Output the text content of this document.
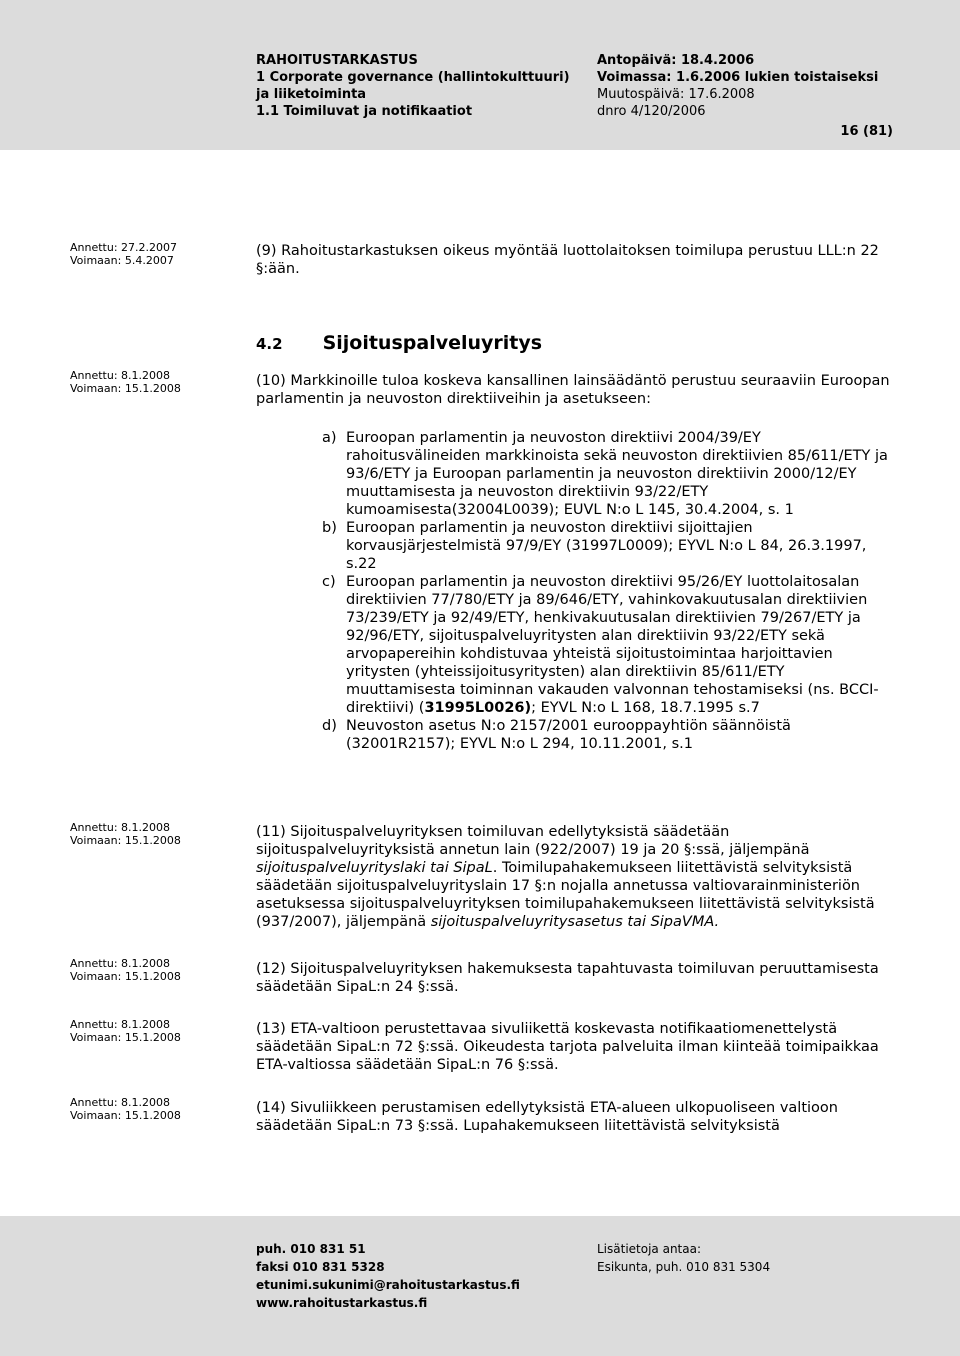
RAHOITUSTARKASTUS
1 Corporate governance (hallintokulttuuri) ja liiketoiminta
1.1 Toimiluvat ja notifikaatiot
Antopäivä: 18.4.2006
Voimassa: 1.6.2006 lukien toistaiseksi
Muutospäivä: 17.6.2008
dnro 4/120/2006
16 (81)
Annettu: 27.2.2007
Voimaan: 5.4.2007
Annettu: 8.1.2008
Voimaan: 15.1.2008
Annettu: 8.1.2008
Voimaan: 15.1.2008
Annettu: 8.1.2008
Voimaan: 15.1.2008
Annettu: 8.1.2008
Voimaan: 15.1.2008
Annettu: 8.1.2008
Voimaan: 15.1.2008
(9) Rahoitustarkastuksen oikeus myöntää luottolaitoksen toimilupa perustuu LLL:n 22 §:ään.
4.2 Sijoituspalveluyritys
(10) Markkinoille tuloa koskeva kansallinen lainsäädäntö perustuu seuraaviin Euroopan parlamentin ja neuvoston direktiiveihin ja asetukseen:
a) Euroopan parlamentin ja neuvoston direktiivi 2004/39/EY rahoitusvälineiden markkinoista sekä neuvoston direktiivien 85/611/ETY ja 93/6/ETY ja Euroopan parlamentin ja neuvoston direktiivin 2000/12/EY muuttamisesta ja neuvoston direktiivin 93/22/ETY kumoamisesta(32004L0039); EUVL N:o L 145, 30.4.2004, s. 1
b) Euroopan parlamentin ja neuvoston direktiivi sijoittajien korvausjärjestelmistä 97/9/EY (31997L0009); EYVL N:o L 84, 26.3.1997, s.22
c) Euroopan parlamentin ja neuvoston direktiivi 95/26/EY luottolaitosalan direktiivien 77/780/ETY ja 89/646/ETY, vahinkovakuutusalan direktiivien 73/239/ETY ja 92/49/ETY, henkivakuutusalan direktiivien 79/267/ETY ja 92/96/ETY, sijoituspalveluyritysten alan direktiivin 93/22/ETY sekä arvopapereihin kohdistuvaa yhteistä sijoitustoimintaa harjoittavien yritysten (yhteissijoitusyritysten) alan direktiivin 85/611/ETY muuttamisesta toiminnan vakauden valvonnan tehostamiseksi (ns. BCCI-direktiivi) (31995L0026); EYVL N:o L 168, 18.7.1995 s.7
d) Neuvoston asetus N:o 2157/2001 eurooppayhtiön säännöistä (32001R2157); EYVL N:o L 294, 10.11.2001, s.1
(11) Sijoituspalveluyrityksen toimiluvan edellytyksistä säädetään sijoituspalveluyrityksistä annetun lain (922/2007) 19 ja 20 §:ssä, jäljempänä sijoituspalveluyrityslaki tai SipaL. Toimilupahakemukseen liitettävistä selvityksistä säädetään sijoituspalveluyrityslain 17 §:n nojalla annetussa valtiovarainministeriön asetuksessa sijoituspalveluyrityksen toimilupahakemukseen liitettävistä selvityksistä (937/2007), jäljempänä sijoituspalveluyritysasetus tai SipaVMA.
(12) Sijoituspalveluyrityksen hakemuksesta tapahtuvasta toimiluvan peruuttamisesta säädetään SipaL:n 24 §:ssä.
(13) ETA-valtioon perustettavaa sivuliikettä koskevasta notifikaatiomenettelystä säädetään SipaL:n 72 §:ssä. Oikeudesta tarjota palveluita ilman kiinteää toimipaikkaa ETA-valtiossa säädetään SipaL:n 76 §:ssä.
(14) Sivuliikkeen perustamisen edellytyksistä ETA-alueen ulkopuoliseen valtioon säädetään SipaL:n 73 §:ssä. Lupahakemukseen liitettävistä selvityksistä
puh. 010 831 51
faksi 010 831 5328
etunimi.sukunimi@rahoitustarkastus.fi
www.rahoitustarkastus.fi
Lisätietoja antaa:
Esikunta, puh. 010 831 5304
